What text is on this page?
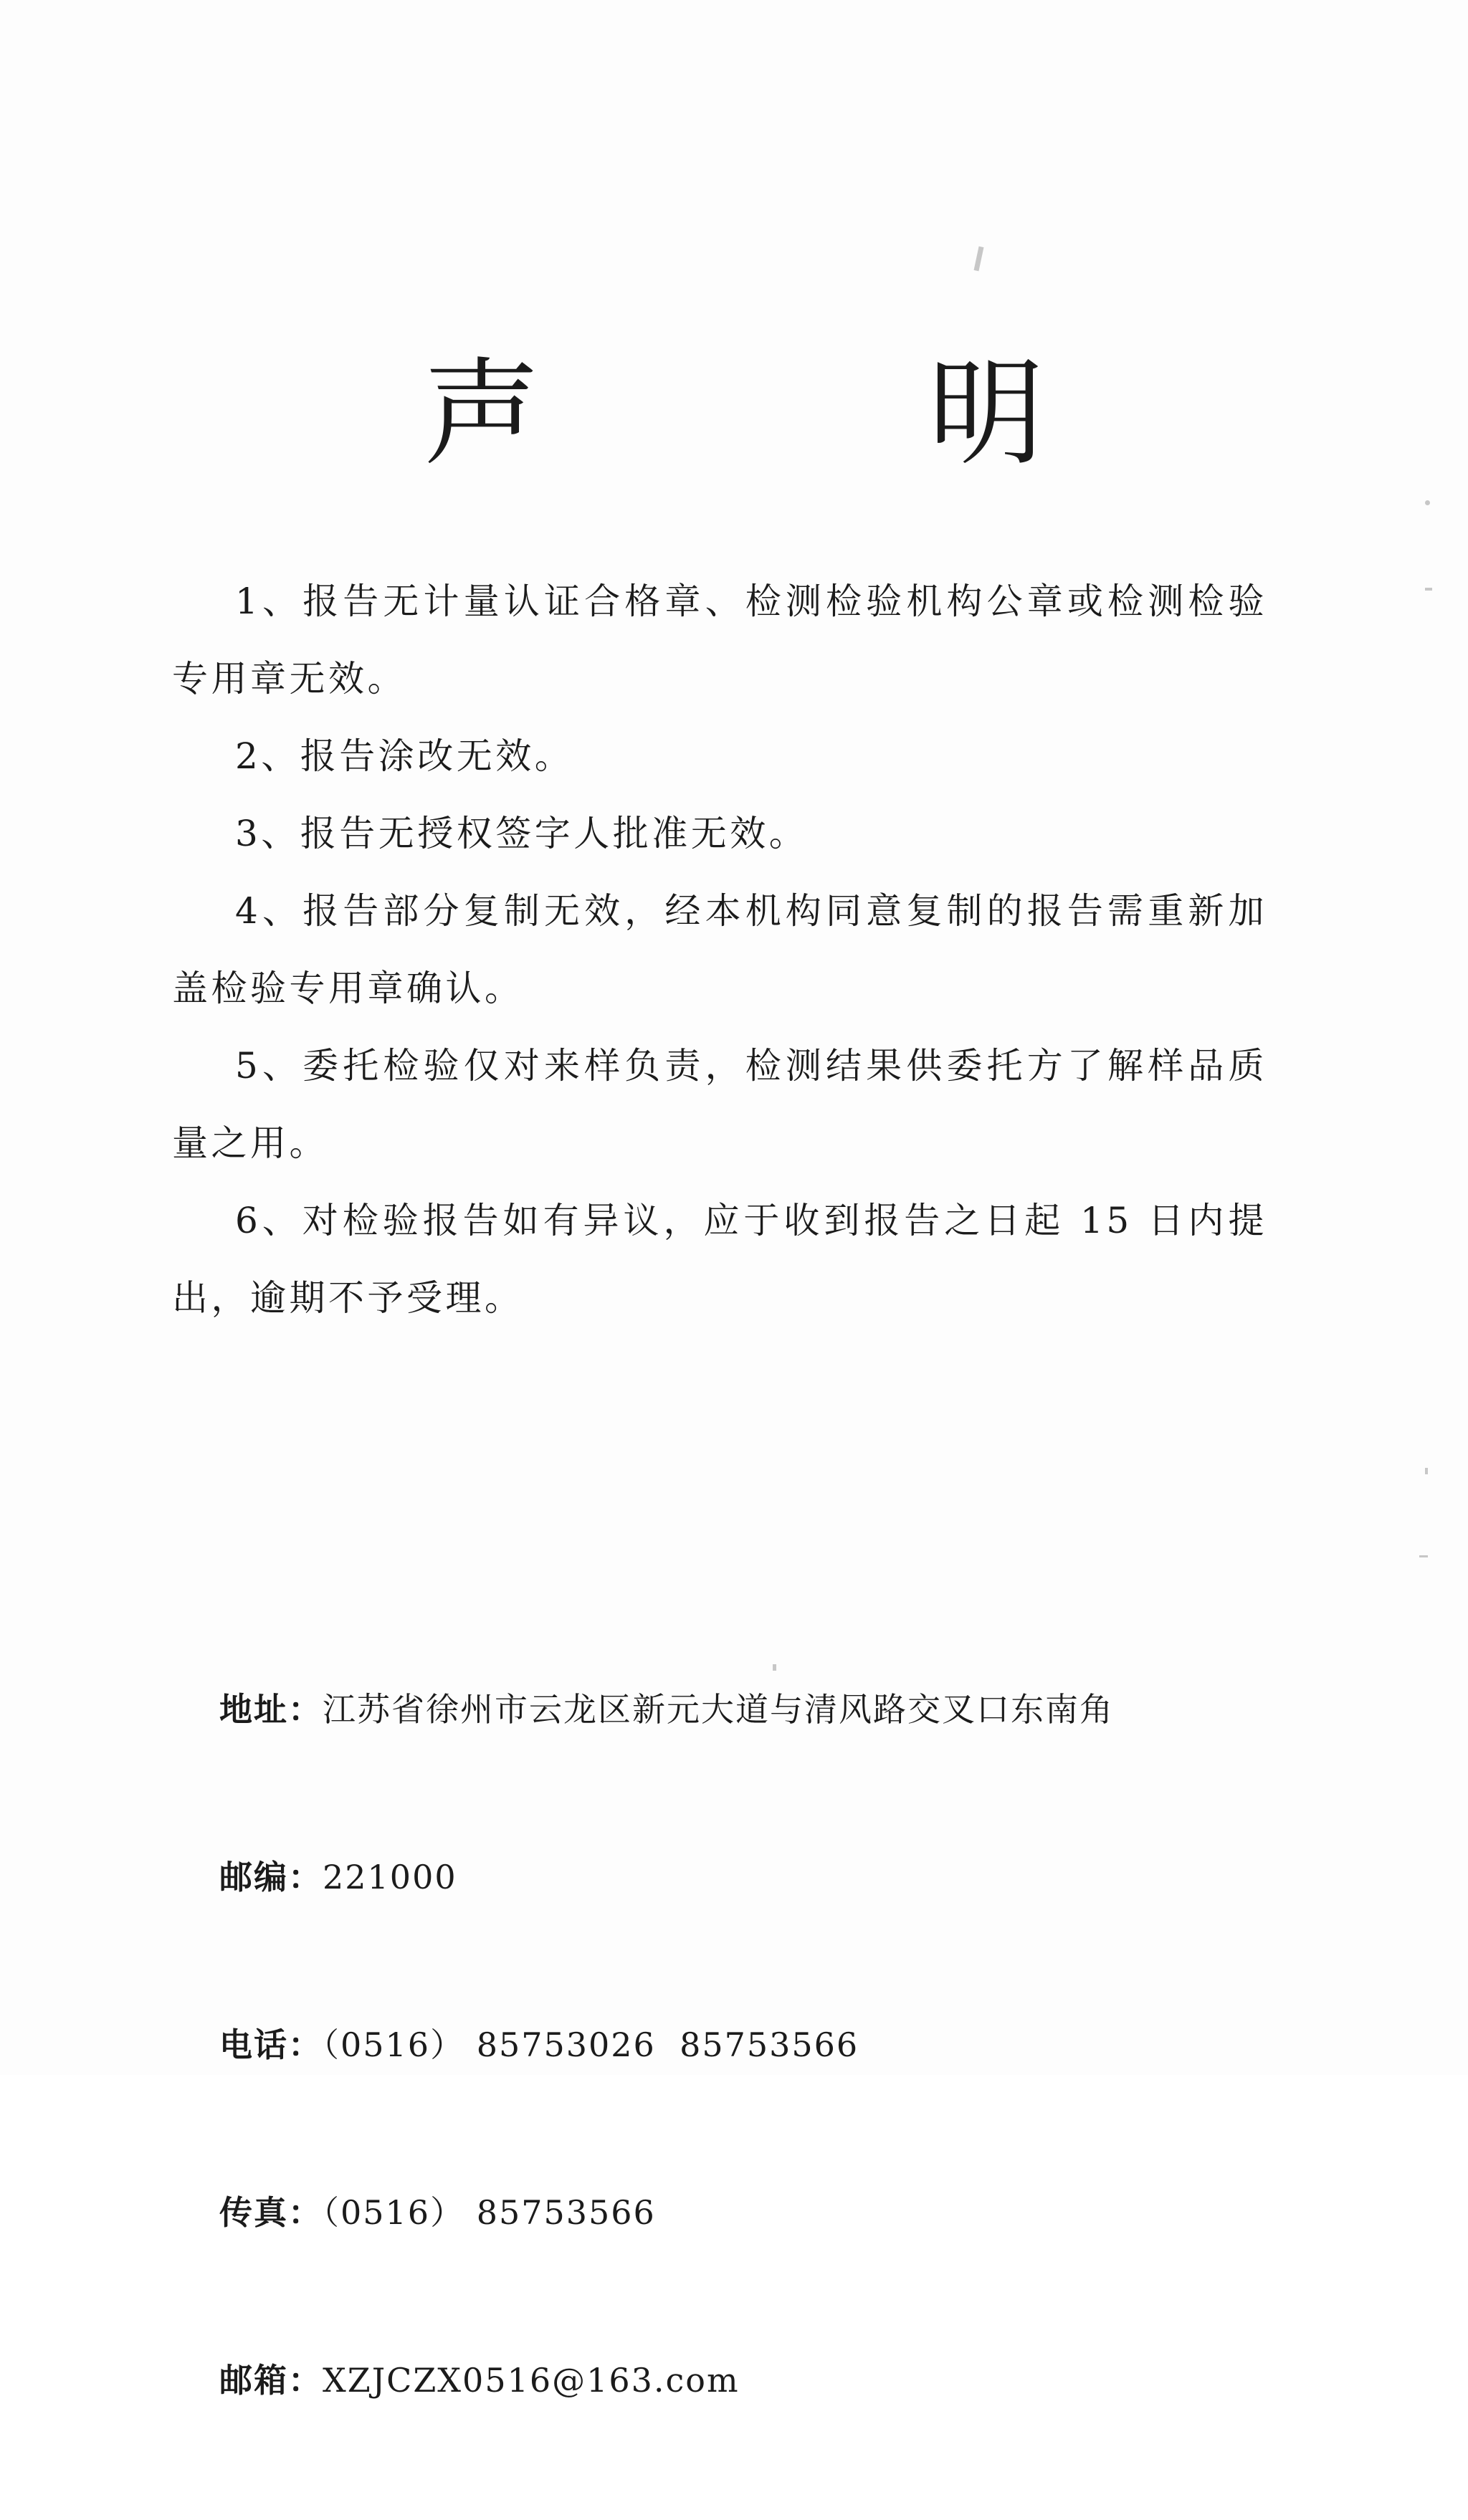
声　明
1、报告无计量认证合格章、检测检验机构公章或检测检验专用章无效。
2、报告涂改无效。
3、报告无授权签字人批准无效。
4、报告部分复制无效，经本机构同意复制的报告需重新加盖检验专用章确认。
5、委托检验仅对来样负责，检测结果供委托方了解样品质量之用。
6、对检验报告如有异议，应于收到报告之日起 15 日内提出，逾期不予受理。

地址：江苏省徐州市云龙区新元大道与清风路交叉口东南角

邮编：221000

电话：（0516） 85753026  85753566

传真：（0516） 85753566

邮箱：XZJCZX0516@163.com
